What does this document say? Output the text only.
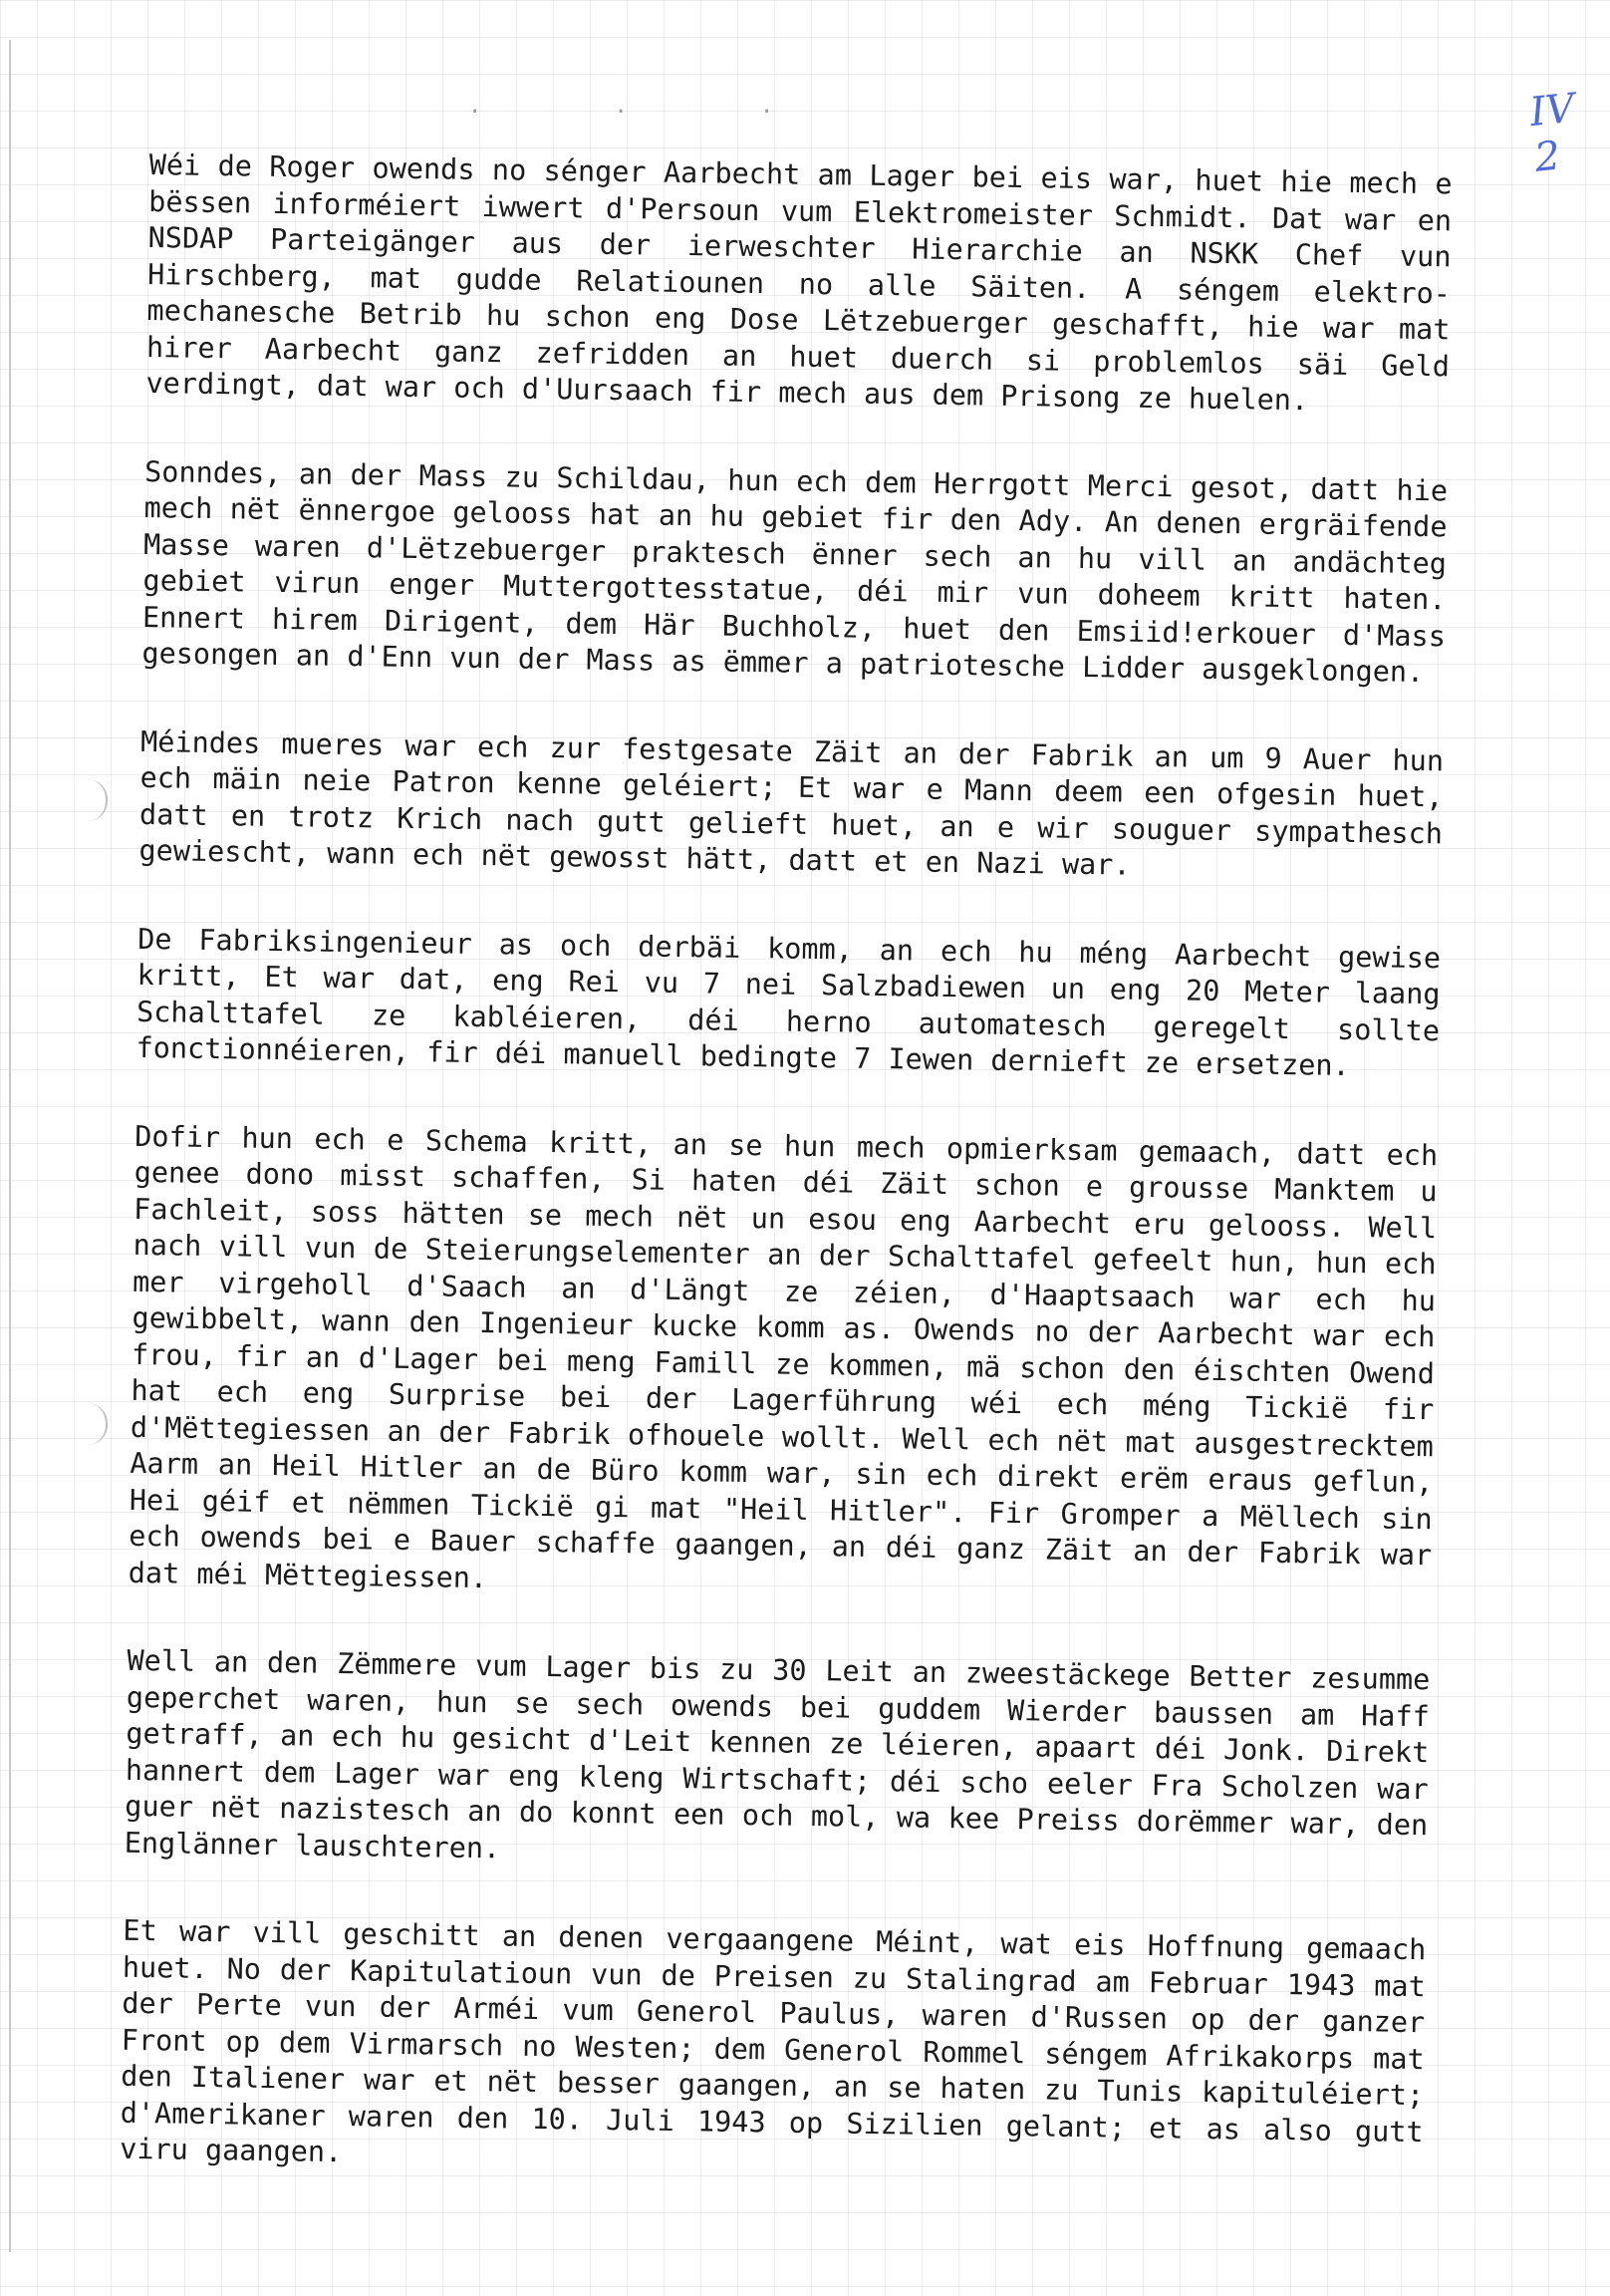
· · ·	IV 2

Wéi de Roger owends no sénger Aarbecht am Lager bei eis war, huet hie mech e bëssen informéiert iwwert d'Persoun vum Elektromeister Schmidt. Dat war en NSDAP Parteigänger aus der ierweschter Hierarchie an NSKK Chef vun Hirschberg, mat gudde Relatiounen no alle Säiten. A séngem elektro-mechanesche Betrib hu schon eng Dose Lëtzebuerger geschafft, hie war mat hirer Aarbecht ganz zefridden an huet duerch si problemlos säi Geld verdingt, dat war och d'Uursaach fir mech aus dem Prisong ze huelen.

Sonndes, an der Mass zu Schildau, hun ech dem Herrgott Merci gesot, datt hie mech nët ënnergoe gelooss hat an hu gebiet fir den Ady. An denen ergräifende Masse waren d'Lëtzebuerger praktesch ënner sech an hu vill an andächteg gebiet virun enger Muttergottesstatue, déi mir vun doheem kritt haten. Ennert hirem Dirigent, dem Här Buchholz, huet den Emsiid!erkouer d'Mass gesongen an d'Enn vun der Mass as ëmmer a patriotesche Lidder ausgeklongen.

Méindes mueres war ech zur festgesate Zäit an der Fabrik an um 9 Auer hun ech mäin neie Patron kenne geléiert; Et war e Mann deem een ofgesin huet, datt en trotz Krich nach gutt gelieft huet, an e wir souguer sympathesch gewiescht, wann ech nët gewosst hätt, datt et en Nazi war.

De Fabriksingenieur as och derbäi komm, an ech hu méng Aarbecht gewise kritt, Et war dat, eng Rei vu 7 nei Salzbadiewen un eng 20 Meter laang Schalttafel ze kabléieren, déi herno automatesch geregelt sollte fonctionnéieren, fir déi manuell bedingte 7 Iewen dernieft ze ersetzen.

Dofir hun ech e Schema kritt, an se hun mech opmierksam gemaach, datt ech genee dono misst schaffen, Si haten déi Zäit schon e grousse Manktem u Fachleit, soss hätten se mech nët un esou eng Aarbecht eru gelooss. Well nach vill vun de Steierungselementer an der Schalttafel gefeelt hun, hun ech mer virgeholl d'Saach an d'Längt ze zéien, d'Haaptsaach war ech hu gewibbelt, wann den Ingenieur kucke komm as. Owends no der Aarbecht war ech frou, fir an d'Lager bei meng Famill ze kommen, mä schon den éischten Owend hat ech eng Surprise bei der Lagerführung wéi ech méng Tickië fir d'Mëttegiessen an der Fabrik ofhouele wollt. Well ech nët mat ausgestrecktem Aarm an Heil Hitler an de Büro komm war, sin ech direkt erëm eraus geflun, Hei géif et nëmmen Tickië gi mat "Heil Hitler". Fir Gromper a Mëllech sin ech owends bei e Bauer schaffe gaangen, an déi ganz Zäit an der Fabrik war dat méi Mëttegiessen.

Well an den Zëmmere vum Lager bis zu 30 Leit an zweestäckege Better zesumme geperchet waren, hun se sech owends bei guddem Wierder baussen am Haff getraff, an ech hu gesicht d'Leit kennen ze léieren, apaart déi Jonk. Direkt hannert dem Lager war eng kleng Wirtschaft; déi scho eeler Fra Scholzen war guer nët nazistesch an do konnt een och mol, wa kee Preiss dorëmmer war, den Englänner lauschteren.

Et war vill geschitt an denen vergaangene Méint, wat eis Hoffnung gemaach huet. No der Kapitulatioun vun de Preisen zu Stalingrad am Februar 1943 mat der Perte vun der Arméi vum Generol Paulus, waren d'Russen op der ganzer Front op dem Virmarsch no Westen; dem Generol Rommel séngem Afrikakorps mat den Italiener war et nët besser gaangen, an se haten zu Tunis kapituléiert; d'Amerikaner waren den 10. Juli 1943 op Sizilien gelant; et as also gutt viru gaangen.
